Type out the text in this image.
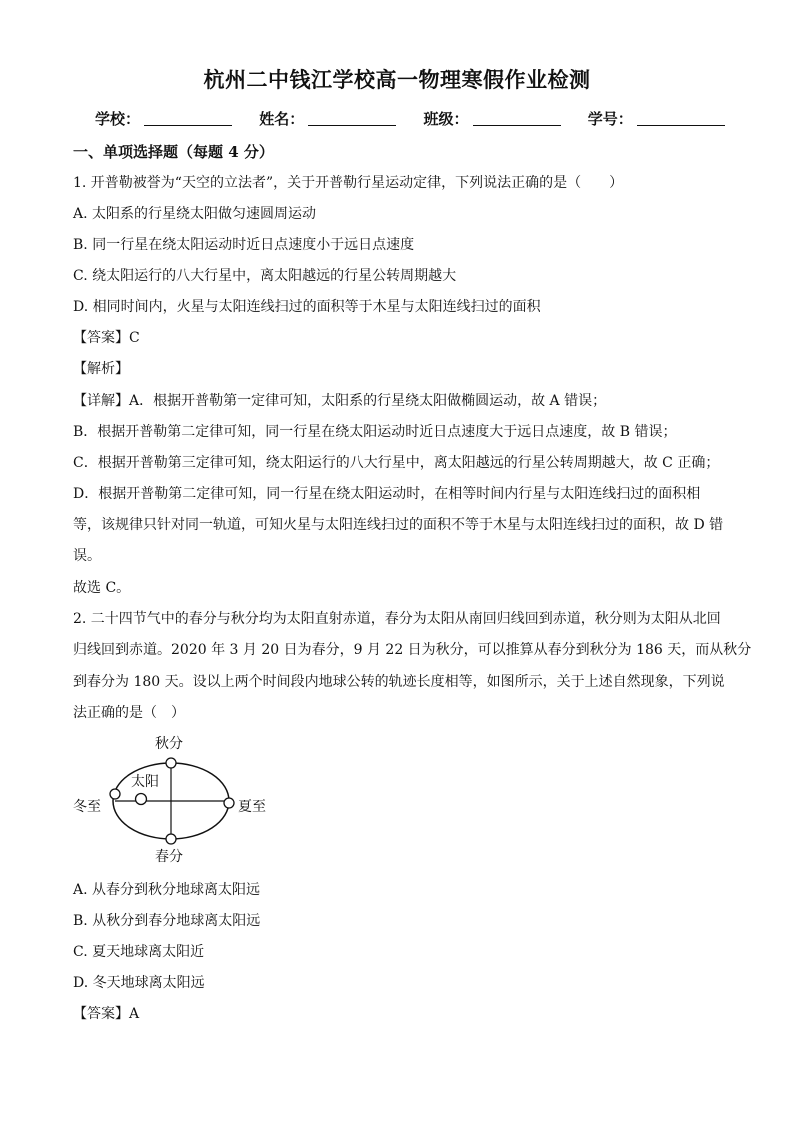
杭州二中钱江学校高一物理寒假作业检测
学校：	姓名：	班级：	学号：
一、单项选择题（每题 4 分）
1. 开普勒被誉为“天空的立法者”，关于开普勒行星运动定律，下列说法正确的是（　　）
A. 太阳系的行星绕太阳做匀速圆周运动
B. 同一行星在绕太阳运动时近日点速度小于远日点速度
C. 绕太阳运行的八大行星中，离太阳越远的行星公转周期越大
D. 相同时间内，火星与太阳连线扫过的面积等于木星与太阳连线扫过的面积
【答案】C
【解析】
【详解】A．根据开普勒第一定律可知，太阳系的行星绕太阳做椭圆运动，故 A 错误；
B．根据开普勒第二定律可知，同一行星在绕太阳运动时近日点速度大于远日点速度，故 B 错误；
C．根据开普勒第三定律可知，绕太阳运行的八大行星中，离太阳越远的行星公转周期越大，故 C 正确；
D．根据开普勒第二定律可知，同一行星在绕太阳运动时，在相等时间内行星与太阳连线扫过的面积相
等，该规律只针对同一轨道，可知火星与太阳连线扫过的面积不等于木星与太阳连线扫过的面积，故 D 错
误。
故选 C。
2. 二十四节气中的春分与秋分均为太阳直射赤道，春分为太阳从南回归线回到赤道，秋分则为太阳从北回
归线回到赤道。2020 年 3 月 20 日为春分，9 月 22 日为秋分，可以推算从春分到秋分为 186 天，而从秋分
到春分为 180 天。设以上两个时间段内地球公转的轨迹长度相等，如图所示，关于上述自然现象，下列说
法正确的是（　）
秋分
太阳
冬至	夏至
春分
A. 从春分到秋分地球离太阳远
B. 从秋分到春分地球离太阳远
C. 夏天地球离太阳近
D. 冬天地球离太阳远
【答案】A
